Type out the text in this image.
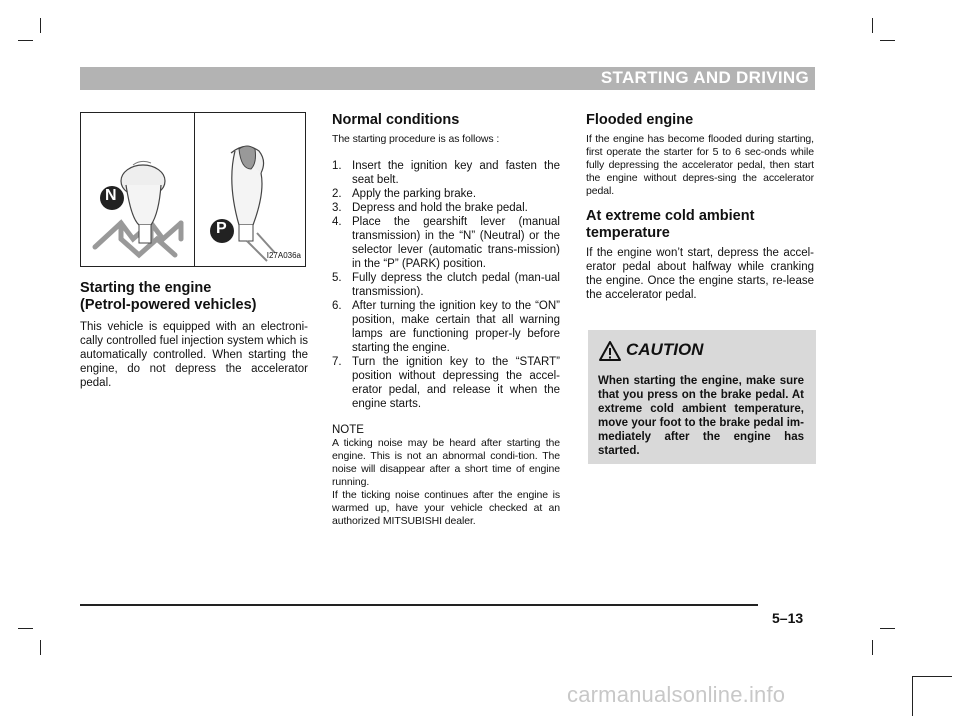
STARTING AND DRIVING
N
P
I27A036a
Starting the engine
(Petrol-powered vehicles)

This vehicle is equipped with an electroni-cally controlled fuel injection system which is automatically controlled. When starting the engine, do not depress the accelerator pedal.

Normal conditions

The starting procedure is as follows :

1. Insert the ignition key and fasten the seat belt.
2. Apply the parking brake.
3. Depress and hold the brake pedal.
4. Place the gearshift lever (manual transmission) in the “N” (Neutral) or the selector lever (automatic trans-mission) in the “P” (PARK) position.
5. Fully depress the clutch pedal (man-ual transmission).
6. After turning the ignition key to the “ON” position, make certain that all warning lamps are functioning proper-ly before starting the engine.
7. Turn the ignition key to the “START” position without depressing the accel-erator pedal, and release it when the engine starts.
NOTE

A ticking noise may be heard after starting the engine. This is not an abnormal condi-tion. The noise will disappear after a short time of engine running.

If the ticking noise continues after the engine is warmed up, have your vehicle checked at an authorized MITSUBISHI dealer.

Flooded engine

If the engine has become flooded during starting, first operate the starter for 5 to 6 sec-onds while fully depressing the accelerator pedal, then start the engine without depres-sing the accelerator pedal.

At extreme cold ambient
temperature

If the engine won’t start, depress the accel-erator pedal about halfway while cranking the engine. Once the engine starts, re-lease the accelerator pedal.

CAUTION
When starting the engine, make sure that you press on the brake pedal. At extreme cold ambient temperature, move your foot to the brake pedal im-mediately after the engine has started.
5–13
carmanualsonline.info
